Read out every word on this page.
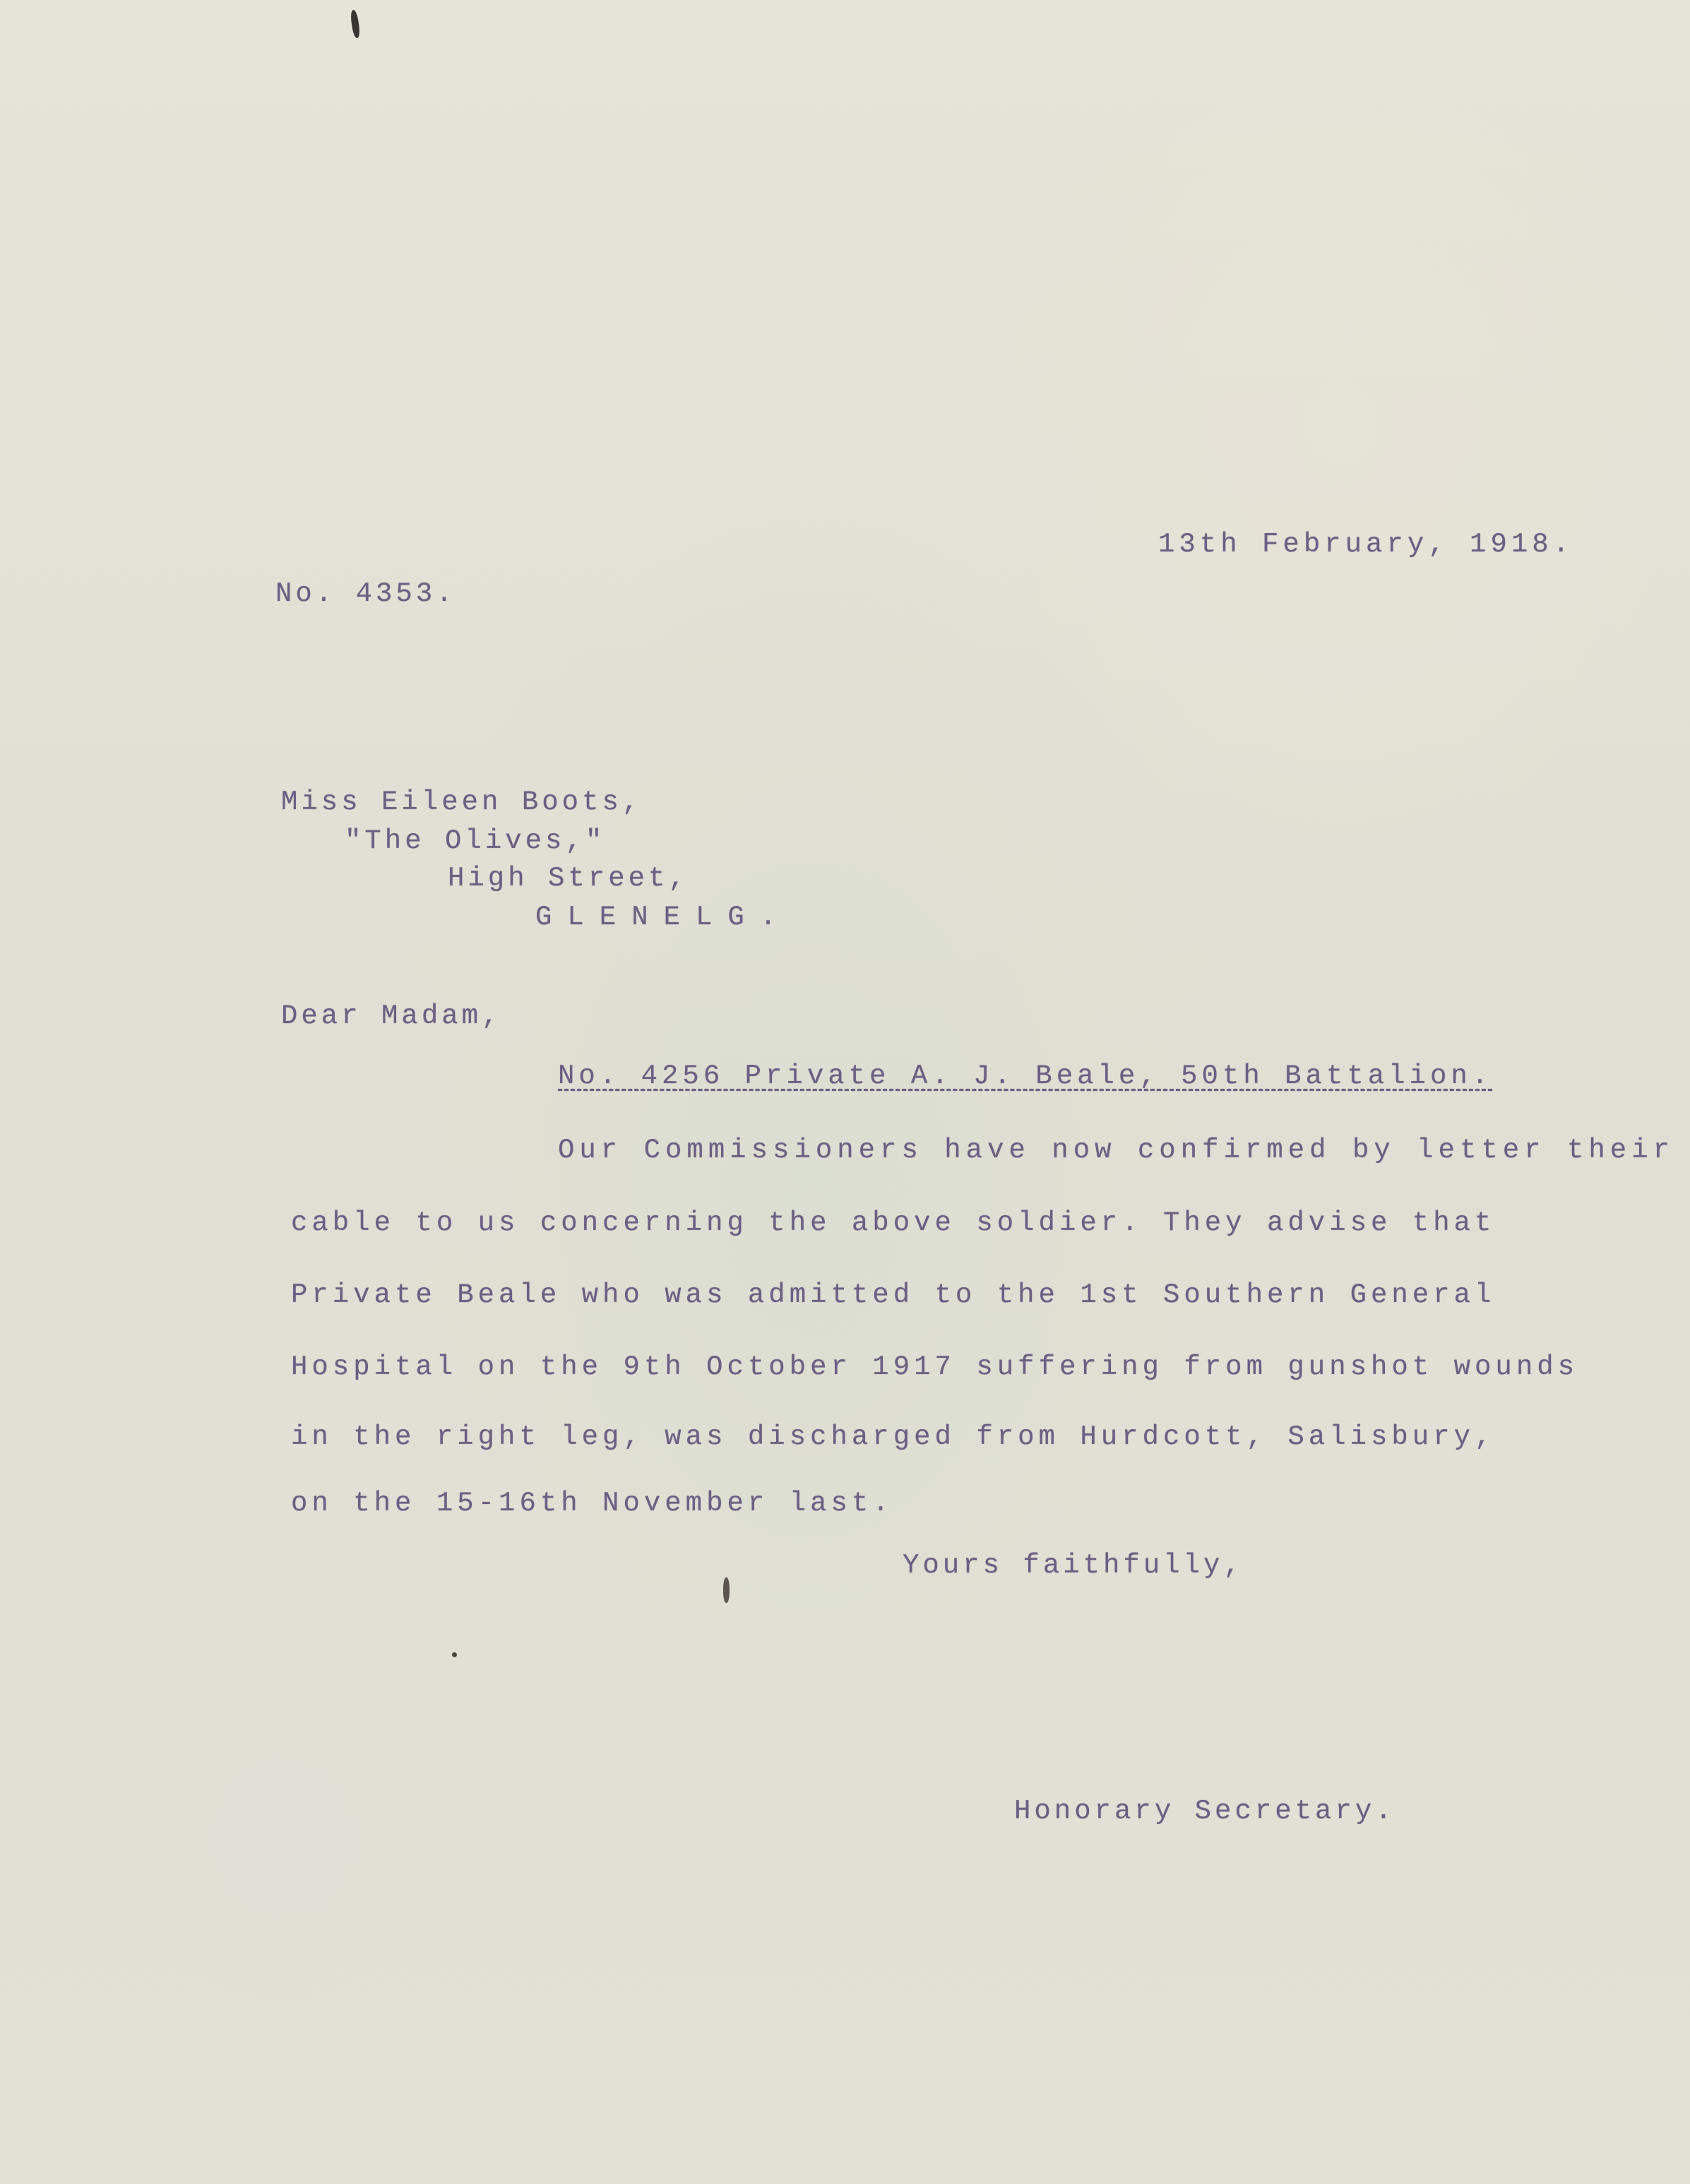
13th February, 1918.
No. 4353.
Miss Eileen Boots,
"The Olives,"
High Street,
GLENELG.
Dear Madam,
No. 4256 Private A. J. Beale, 50th Battalion.
Our Commissioners have now confirmed by letter their
cable to us concerning the above soldier. They advise that
Private Beale who was admitted to the 1st Southern General
Hospital on the 9th October 1917 suffering from gunshot wounds
in the right leg, was discharged from Hurdcott, Salisbury,
on the 15-16th November last.
Yours faithfully,
Honorary Secretary.
